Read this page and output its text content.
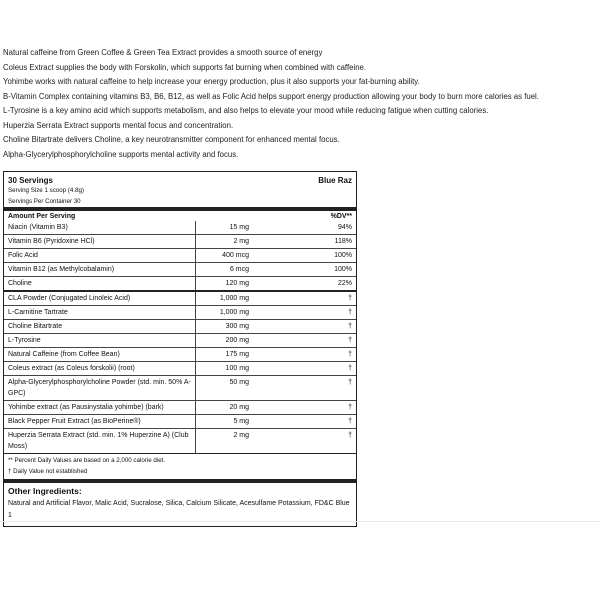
Natural caffeine from Green Coffee & Green Tea Extract provides a smooth source of energy
Coleus Extract supplies the body with Forskolin, which supports fat burning when combined with caffeine.
Yohimbe works with natural caffeine to help increase your energy production, plus it also supports your fat-burning ability.
B-Vitamin Complex containing vitamins B3, B6, B12, as well as Folic Acid helps support energy production allowing your body to burn more calories as fuel.
L-Tyrosine is a key amino acid which supports metabolism, and also helps to elevate your mood while reducing fatigue when cutting calories.
Huperzia Serrata Extract supports mental focus and concentration.
Choline Bitartrate delivers Choline, a key neurotransmitter component for enhanced mental focus.
Alpha-Glycerylphosphorylcholine supports mental activity and focus.
30 Servings	Blue Raz
Serving Size 1 scoop (4.8g)
Servings Per Container 30
Amount Per Serving	%DV**
Niacin (Vitamin B3)	15 mg	94%
Vitamin B6 (Pyridoxine HCl)	2 mg	118%
Folic Acid	400 mcg	100%
Vitamin B12 (as Methylcobalamin)	6 mcg	100%
Choline	120 mg	22%
CLA Powder (Conjugated Linoleic Acid)	1,000 mg	†
L-Carnitine Tartrate	1,000 mg	†
Choline Bitartrate	300 mg	†
L-Tyrosine	200 mg	†
Natural Caffeine (from Coffee Bean)	175 mg	†
Coleus extract (as Coleus forskolii) (root)	100 mg	†
Alpha-Glycerylphosphorylcholine Powder (std. min. 50% A-GPC)
50 mg	†
Yohimbe extract (as Pausinystalia yohimbe) (bark)	20 mg	†
Black Pepper Fruit Extract (as BioPerine®)	5 mg	†
Huperzia Serrata Extract (std. min. 1% Huperzine A) (Club Moss)
2 mg	†
** Percent Daily Values are based on a 2,000 calorie diet.
† Daily Value not established
Other Ingredients:
Natural and Artificial Flavor, Malic Acid, Sucralose, Silica, Calcium Silicate, Acesulfame Potassium, FD&C Blue 1
